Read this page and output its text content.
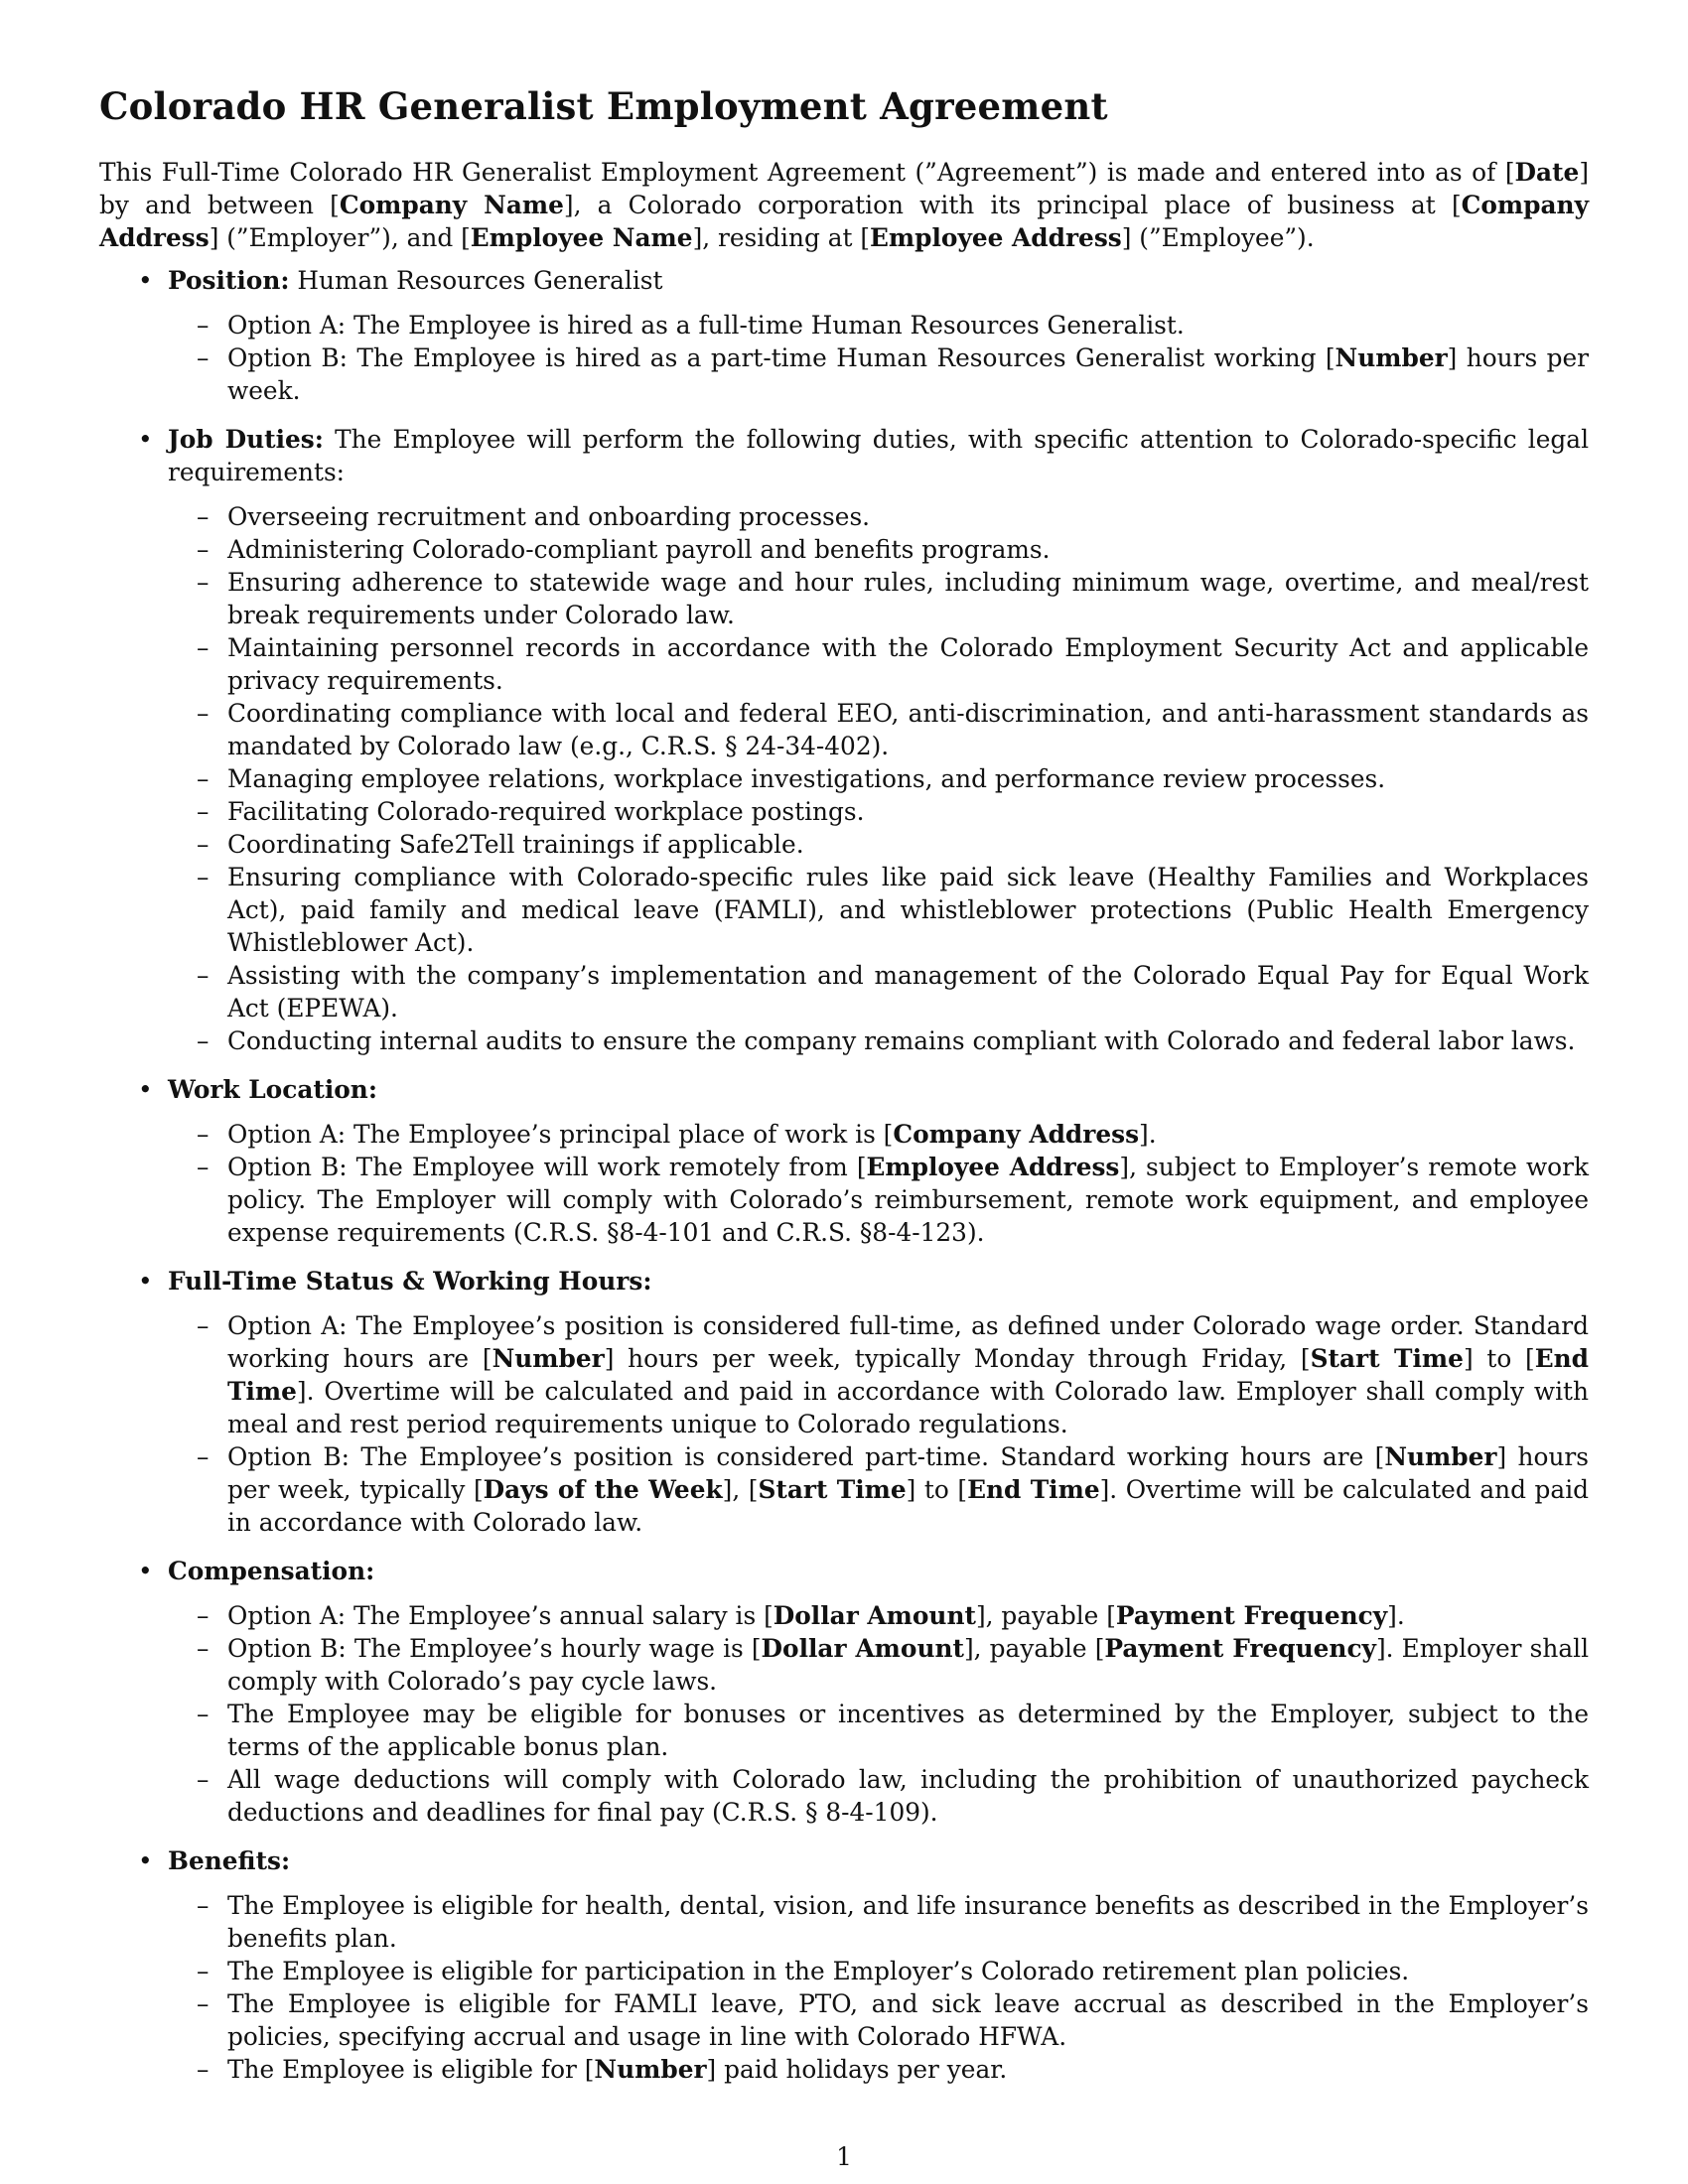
Colorado HR Generalist Employment Agreement

This Full-Time Colorado HR Generalist Employment Agreement (”Agreement”) is made and entered into as of [Date] by and between [Company Name], a Colorado corporation with its principal place of business at [Company Address] (”Employer”), and [Employee Name], residing at [Employee Address] (”Employee”).

• Position: Human Resources Generalist
– Option A: The Employee is hired as a full-time Human Resources Generalist.
– Option B: The Employee is hired as a part-time Human Resources Generalist working [Number] hours per week.
• Job Duties: The Employee will perform the following duties, with specific attention to Colorado-specific legal requirements:
– Overseeing recruitment and onboarding processes.
– Administering Colorado-compliant payroll and benefits programs.
– Ensuring adherence to statewide wage and hour rules, including minimum wage, overtime, and meal/rest break requirements under Colorado law.
– Maintaining personnel records in accordance with the Colorado Employment Security Act and applicable privacy requirements.
– Coordinating compliance with local and federal EEO, anti-discrimination, and anti-harassment standards as mandated by Colorado law (e.g., C.R.S. § 24-34-402).
– Managing employee relations, workplace investigations, and performance review processes.
– Facilitating Colorado-required workplace postings.
– Coordinating Safe2Tell trainings if applicable.
– Ensuring compliance with Colorado-specific rules like paid sick leave (Healthy Families and Workplaces Act), paid family and medical leave (FAMLI), and whistleblower protections (Public Health Emergency Whistleblower Act).
– Assisting with the company’s implementation and management of the Colorado Equal Pay for Equal Work Act (EPEWA).
– Conducting internal audits to ensure the company remains compliant with Colorado and federal labor laws.
• Work Location:
– Option A: The Employee’s principal place of work is [Company Address].
– Option B: The Employee will work remotely from [Employee Address], subject to Employer’s remote work policy. The Employer will comply with Colorado’s reimbursement, remote work equipment, and employee expense requirements (C.R.S. §8-4-101 and C.R.S. §8-4-123).
• Full-Time Status & Working Hours:
– Option A: The Employee’s position is considered full-time, as defined under Colorado wage order. Standard working hours are [Number] hours per week, typically Monday through Friday, [Start Time] to [End Time]. Overtime will be calculated and paid in accordance with Colorado law. Employer shall comply with meal and rest period requirements unique to Colorado regulations.
– Option B: The Employee’s position is considered part-time. Standard working hours are [Number] hours per week, typically [Days of the Week], [Start Time] to [End Time]. Overtime will be calculated and paid in accordance with Colorado law.
• Compensation:
– Option A: The Employee’s annual salary is [Dollar Amount], payable [Payment Frequency].
– Option B: The Employee’s hourly wage is [Dollar Amount], payable [Payment Frequency]. Employer shall comply with Colorado’s pay cycle laws.
– The Employee may be eligible for bonuses or incentives as determined by the Employer, subject to the terms of the applicable bonus plan.
– All wage deductions will comply with Colorado law, including the prohibition of unauthorized paycheck deductions and deadlines for final pay (C.R.S. § 8-4-109).
• Benefits:
– The Employee is eligible for health, dental, vision, and life insurance benefits as described in the Employer’s benefits plan.
– The Employee is eligible for participation in the Employer’s Colorado retirement plan policies.
– The Employee is eligible for FAMLI leave, PTO, and sick leave accrual as described in the Employer’s policies, specifying accrual and usage in line with Colorado HFWA.
– The Employee is eligible for [Number] paid holidays per year.
1
